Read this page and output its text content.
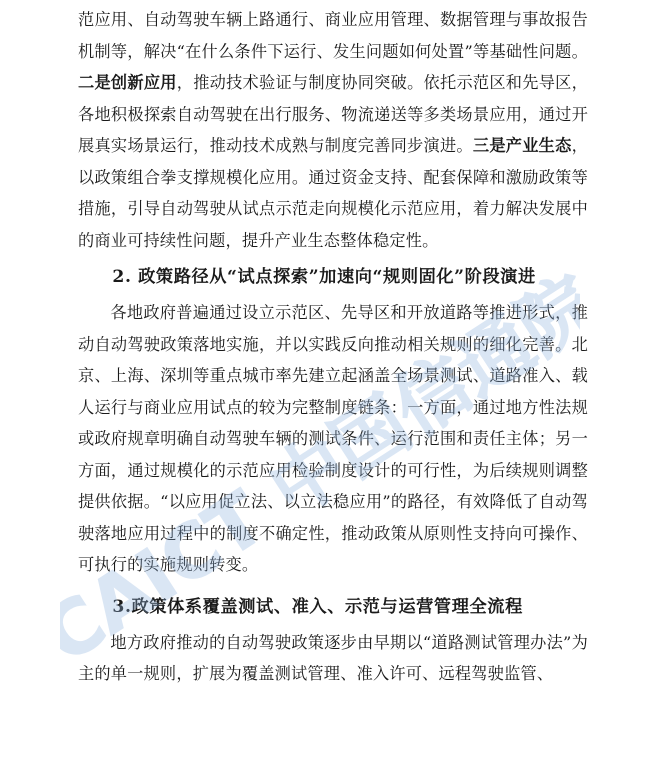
范应用、自动驾驶车辆上路通行、商业应用管理、数据管理与事故报告机制等，解决“在什么条件下运行、发生问题如何处置”等基础性问题。二是创新应用，推动技术验证与制度协同突破。依托示范区和先导区，各地积极探索自动驾驶在出行服务、物流递送等多类场景应用，通过开展真实场景运行，推动技术成熟与制度完善同步演进。三是产业生态，以政策组合拳支撑规模化应用。通过资金支持、配套保障和激励政策等措施，引导自动驾驶从试点示范走向规模化示范应用，着力解决发展中的商业可持续性问题，提升产业生态整体稳定性。

2. 政策路径从“试点探索”加速向“规则固化”阶段演进

各地政府普遍通过设立示范区、先导区和开放道路等推进形式，推动自动驾驶政策落地实施，并以实践反向推动相关规则的细化完善。北京、上海、深圳等重点城市率先建立起涵盖全场景测试、道路准入、载人运行与商业应用试点的较为完整制度链条：一方面，通过地方性法规或政府规章明确自动驾驶车辆的测试条件、运行范围和责任主体；另一方面，通过规模化的示范应用检验制度设计的可行性，为后续规则调整提供依据。“以应用促立法、以立法稳应用”的路径，有效降低了自动驾驶落地应用过程中的制度不确定性，推动政策从原则性支持向可操作、可执行的实施规则转变。

3.政策体系覆盖测试、准入、示范与运营管理全流程

地方政府推动的自动驾驶政策逐步由早期以“道路测试管理办法”为主的单一规则，扩展为覆盖测试管理、准入许可、远程驾驶监管、

CAICT 中国信通院
